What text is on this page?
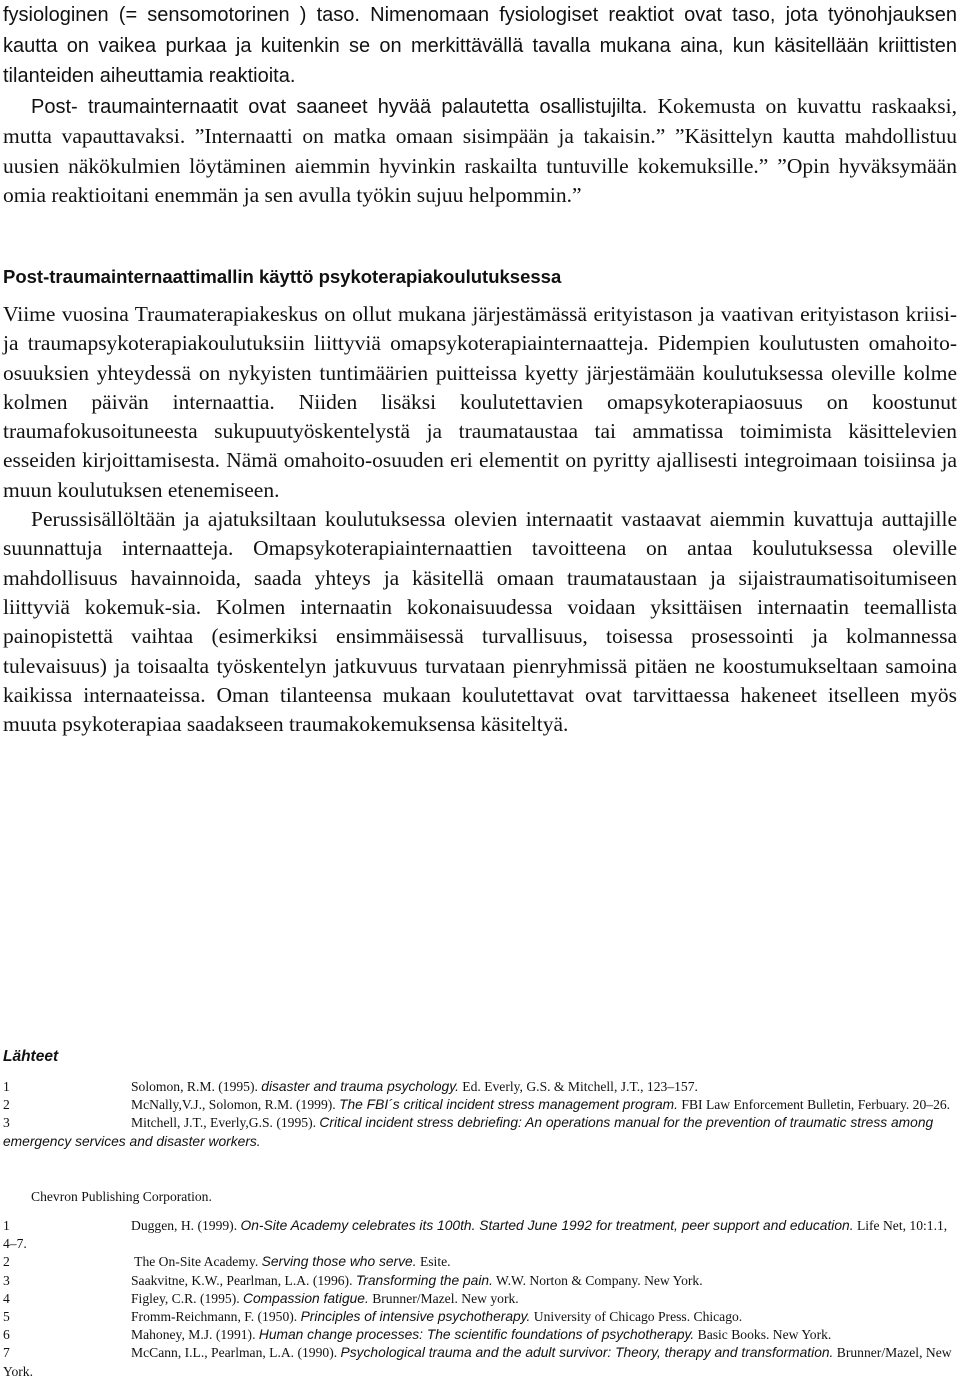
fysiologinen (= sensomotorinen ) taso. Nimenomaan fysiologiset reaktiot ovat taso, jota työnohjauksen kautta on vaikea purkaa ja kuitenkin se on merkittävällä tavalla mukana aina, kun käsitellään kriittisten tilanteiden aiheuttamia reaktioita.

Post- traumainternaatit ovat saaneet hyvää palautetta osallistujilta. Kokemusta on kuvattu raskaaksi, mutta vapauttavaksi. ”Internaatti on matka omaan sisimpään ja takaisin.” ”Käsittelyn kautta mahdollistuu uusien näkökulmien löytäminen aiemmin hyvinkin raskailta tuntuville kokemuksille.” ”Opin hyväksymään omia reaktioitani enemmän ja sen avulla työkin sujuu helpommin.”

Post-traumainternaattimallin käyttö psykoterapiakoulutuksessa

Viime vuosina Traumaterapiakeskus on ollut mukana järjestämässä erityistason ja vaativan erityistason kriisi- ja traumapsykoterapiakoulutuksiin liittyviä omapsykoterapiainternaatteja. Pidempien koulutusten omahoito-osuuksien yhteydessä on nykyisten tuntimäärien puitteissa kyetty järjestämään koulutuksessa oleville kolme kolmen päivän internaattia. Niiden lisäksi koulutettavien omapsykoterapiaosuus on koostunut traumafokusoituneesta sukupuutyöskentelystä ja traumataustaa tai ammatissa toimimista käsittelevien esseiden kirjoittamisesta. Nämä omahoito-osuuden eri elementit on pyritty ajallisesti integroimaan toisiinsa ja muun koulutuksen etenemiseen.

Perussisällöltään ja ajatuksiltaan koulutuksessa olevien internaatit vastaavat aiemmin kuvattuja auttajille suunnattuja internaatteja. Omapsykoterapiainternaattien tavoitteena on antaa koulutuksessa oleville mahdollisuus havainnoida, saada yhteys ja käsitellä omaan traumataustaan ja sijaistraumatisoitumiseen liittyviä kokemuk-sia. Kolmen internaatin kokonaisuudessa voidaan yksittäisen internaatin teemallista painopistettä vaihtaa (esimerkiksi ensimmäisessä turvallisuus, toisessa prosessointi ja kolmannessa tulevaisuus) ja toisaalta työskentelyn jatkuvuus turvataan pienryhmissä pitäen ne koostumukseltaan samoina kaikissa internaateissa. Oman tilanteensa mukaan koulutettavat ovat tarvittaessa hakeneet itselleen myös muuta psykoterapiaa saadakseen traumakokemuksensa käsiteltyä.

Lähteet

1	Solomon, R.M. (1995). disaster and trauma psychology. Ed. Everly, G.S. & Mitchell, J.T., 123–157.

2	McNally,V.J., Solomon, R.M. (1999). The FBI´s critical incident stress management program. FBI Law Enforcement Bulletin, Ferbuary. 20–26.

3	Mitchell, J.T., Everly,G.S. (1995). Critical incident stress debriefing: An operations manual for the prevention of traumatic stress among emergency services and disaster workers.

Chevron Publishing Corporation.

1	Duggen, H. (1999). On-Site Academy celebrates its 100th. Started June 1992 for treatment, peer support and education. Life Net, 10:1.1, 4–7.

2	The On-Site Academy. Serving those who serve. Esite.

3	Saakvitne, K.W., Pearlman, L.A. (1996). Transforming the pain. W.W. Norton & Company. New York.

4	Figley, C.R. (1995). Compassion fatigue. Brunner/Mazel. New york.

5	Fromm-Reichmann, F. (1950). Principles of intensive psychotherapy. University of Chicago Press. Chicago.

6	Mahoney, M.J. (1991). Human change processes: The scientific foundations of psychotherapy. Basic Books. New York.

7	McCann, I.L., Pearlman, L.A. (1990). Psychological trauma and the adult survivor: Theory, therapy and transformation. Brunner/Mazel, New York.
